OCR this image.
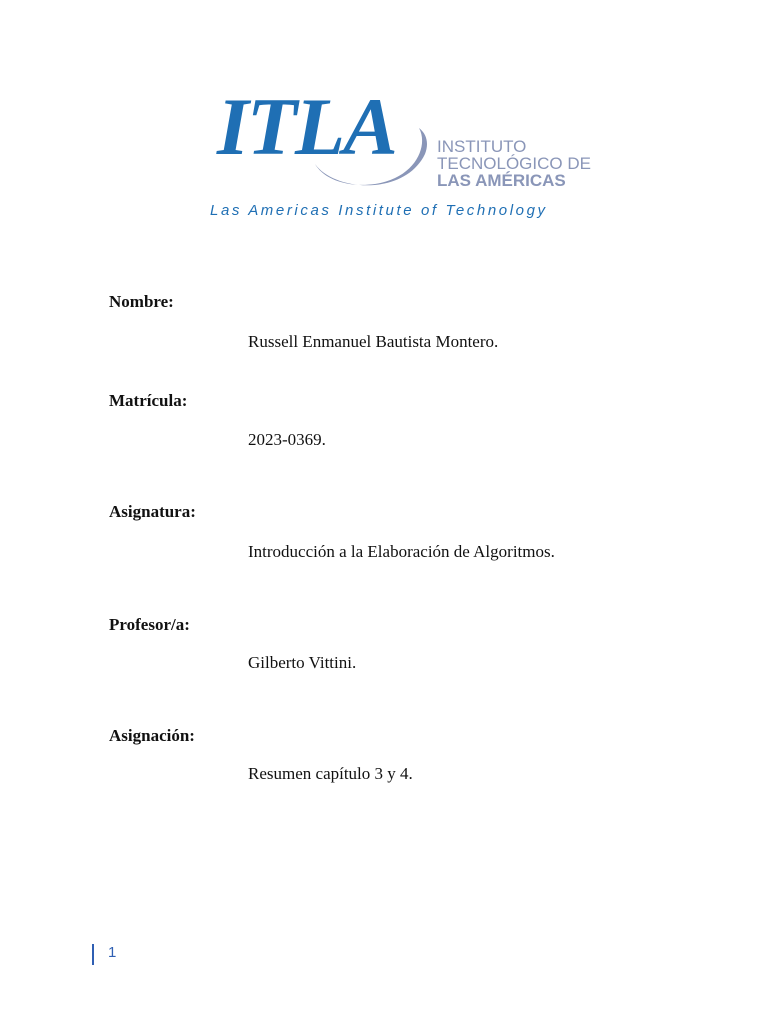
ITLA INSTITUTO
TECNOLÓGICO DE
LAS AMÉRICAS
Las Americas Institute of Technology
Nombre:
Russell Enmanuel Bautista Montero.
Matrícula:
2023-0369.
Asignatura:
Introducción a la Elaboración de Algoritmos.
Profesor/a:
Gilberto Vittini.
Asignación:
Resumen capítulo 3 y 4.
1
